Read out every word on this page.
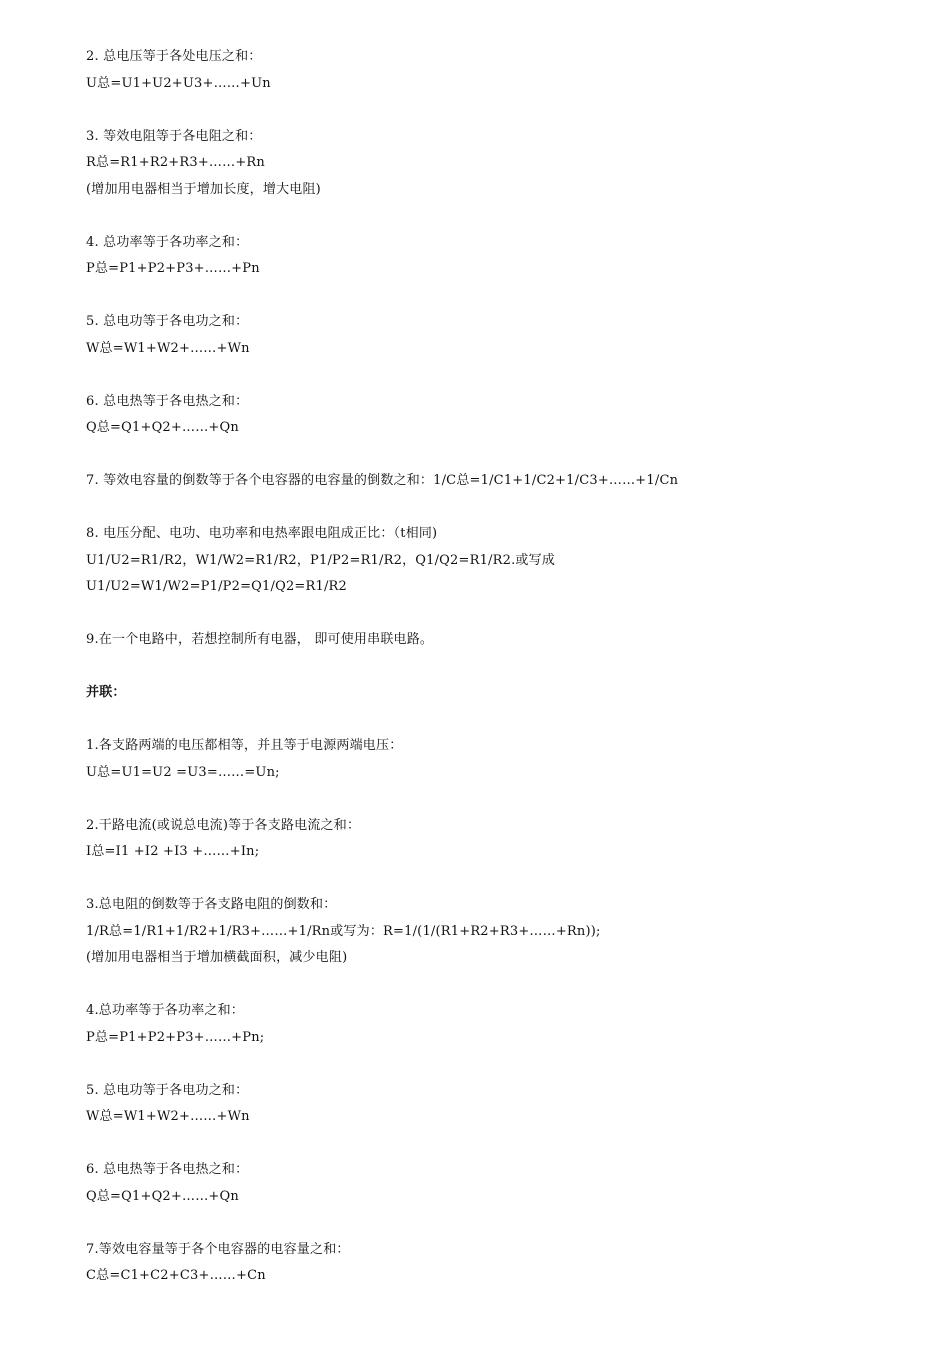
2. 总电压等于各处电压之和：
U总=U1+U2+U3+……+Un
3. 等效电阻等于各电阻之和：
R总=R1+R2+R3+……+Rn
(增加用电器相当于增加长度，增大电阻)
4. 总功率等于各功率之和：
P总=P1+P2+P3+……+Pn
5. 总电功等于各电功之和：
W总=W1+W2+……+Wn
6. 总电热等于各电热之和：
Q总=Q1+Q2+……+Qn
7. 等效电容量的倒数等于各个电容器的电容量的倒数之和：1/C总=1/C1+1/C2+1/C3+……+1/Cn
8. 电压分配、电功、电功率和电热率跟电阻成正比：（t相同)
U1/U2=R1/R2，W1/W2=R1/R2，P1/P2=R1/R2，Q1/Q2=R1/R2.或写成
U1/U2=W1/W2=P1/P2=Q1/Q2=R1/R2
9.在一个电路中，若想控制所有电器， 即可使用串联电路。
并联：
1.各支路两端的电压都相等，并且等于电源两端电压：
U总=U1=U2 =U3=……=Un;
2.干路电流(或说总电流)等于各支路电流之和：
I总=I1 +I2 +I3 +……+In;
3.总电阻的倒数等于各支路电阻的倒数和：
1/R总=1/R1+1/R2+1/R3+……+1/Rn或写为：R=1/(1/(R1+R2+R3+……+Rn));
(增加用电器相当于增加横截面积，减少电阻)
4.总功率等于各功率之和：
P总=P1+P2+P3+……+Pn;
5. 总电功等于各电功之和：
W总=W1+W2+……+Wn
6. 总电热等于各电热之和：
Q总=Q1+Q2+……+Qn
7.等效电容量等于各个电容器的电容量之和：
C总=C1+C2+C3+……+Cn
